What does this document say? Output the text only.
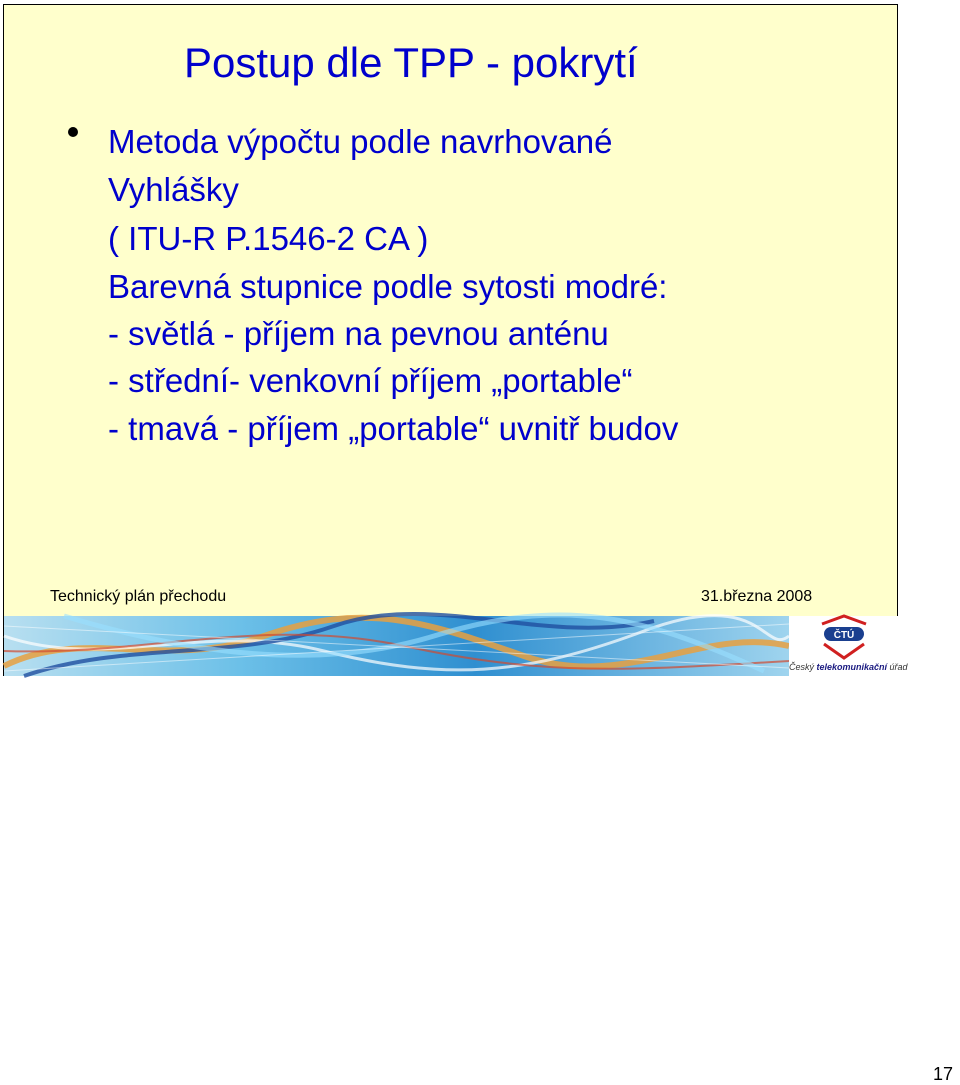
Postup dle TPP - pokrytí
Metoda výpočtu podle navrhované
Vyhlášky
( ITU-R P.1546-2 CA )
Barevná stupnice podle sytosti modré:
- světlá - příjem na pevnou anténu
- střední- venkovní příjem „portable“
- tmavá - příjem „portable“ uvnitř budov
Technický plán přechodu	31.března 2008
ČTÚ
Český telekomunikační úřad
17
